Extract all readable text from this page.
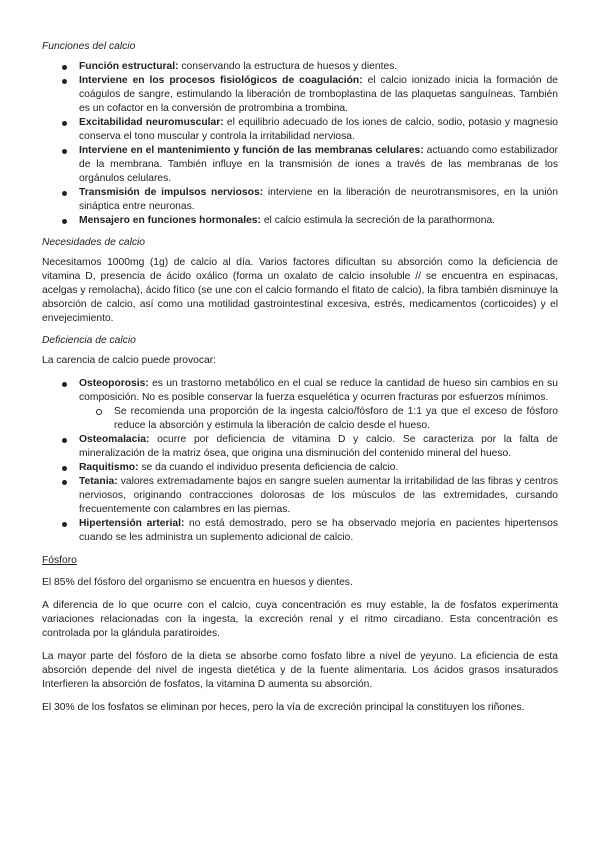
Funciones del calcio
Función estructural: conservando la estructura de huesos y dientes.
Interviene en los procesos fisiológicos de coagulación: el calcio ionizado inicia la formación de coágulos de sangre, estimulando la liberación de tromboplastina de las plaquetas sanguíneas. También es un cofactor en la conversión de protrombina a trombina.
Excitabilidad neuromuscular: el equilibrio adecuado de los iones de calcio, sodio, potasio y magnesio conserva el tono muscular y controla la irritabilidad nerviosa.
Interviene en el mantenimiento y función de las membranas celulares: actuando como estabilizador de la membrana. También influye en la transmisión de iones a través de las membranas de los orgánulos celulares.
Transmisión de impulsos nerviosos: interviene en la liberación de neurotransmisores, en la unión sináptica entre neuronas.
Mensajero en funciones hormonales: el calcio estimula la secreción de la parathormona.
Necesidades de calcio

Necesitamos 1000mg (1g) de calcio al día. Varios factores dificultan su absorción como la deficiencia de vitamina D, presencia de ácido oxálico (forma un oxalato de calcio insoluble // se encuentra en espinacas, acelgas y remolacha), ácido fítico (se une con el calcio formando el fitato de calcio), la fibra también disminuye la absorción de calcio, así como una motilidad gastrointestinal excesiva, estrés, medicamentos (corticoides) y el envejecimiento.

Deficiencia de calcio

La carencia de calcio puede provocar:

Osteoporosis: es un trastorno metabólico en el cual se reduce la cantidad de hueso sin cambios en su composición. No es posible conservar la fuerza esquelética y ocurren fracturas por esfuerzos mínimos.
Se recomienda una proporción de la ingesta calcio/fósforo de 1:1 ya que el exceso de fósforo reduce la absorción y estimula la liberación de calcio desde el hueso.
Osteomalacia: ocurre por deficiencia de vitamina D y calcio. Se caracteriza por la falta de mineralización de la matriz ósea, que origina una disminución del contenido mineral del hueso.
Raquitismo: se da cuando el individuo presenta deficiencia de calcio.
Tetania: valores extremadamente bajos en sangre suelen aumentar la irritabilidad de las fibras y centros nerviosos, originando contracciones dolorosas de los músculos de las extremidades, cursando frecuentemente con calambres en las piernas.
Hipertensión arterial: no está demostrado, pero se ha observado mejoría en pacientes hipertensos cuando se les administra un suplemento adicional de calcio.
Fósforo

El 85% del fósforo del organismo se encuentra en huesos y dientes.

A diferencia de lo que ocurre con el calcio, cuya concentración es muy estable, la de fosfatos experimenta variaciones relacionadas con la ingesta, la excreción renal y el ritmo circadiano. Esta concentración es controlada por la glándula paratiroides.

La mayor parte del fósforo de la dieta se absorbe como fosfato libre a nivel de yeyuno. La eficiencia de esta absorción depende del nivel de ingesta dietética y de la fuente alimentaria. Los ácidos grasos insaturados Interfieren la absorción de fosfatos, la vitamina D aumenta su absorción.

El 30% de los fosfatos se eliminan por heces, pero la vía de excreción principal la constituyen los riñones.
